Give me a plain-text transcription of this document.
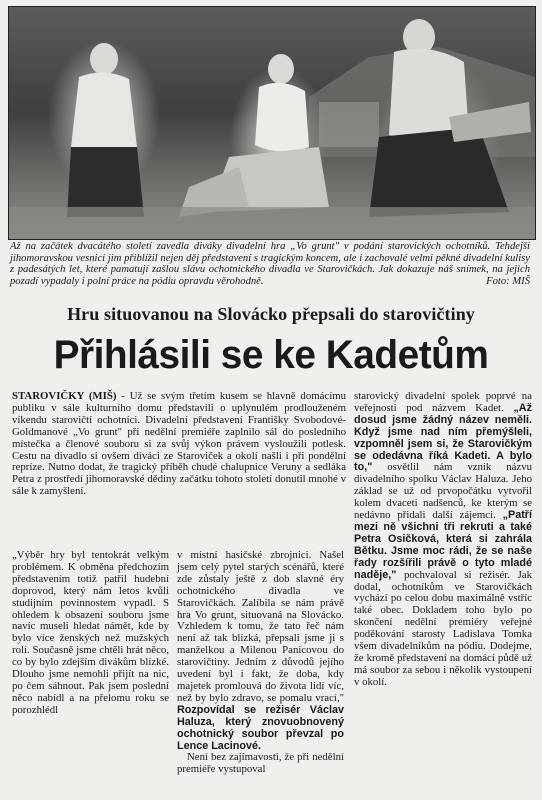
Až na začátek dvacátého století zavedla diváky divadelní hra „Vo grunt" v podání starovických ochotníků. Tehdejší jihomoravskou vesnici jim přiblížil nejen děj představení s tragickým koncem, ale i zachovalé velmi pěkné divadelní kulisy z padesátých let, které pamatují zašlou slávu ochotnického divadla ve Starovičkách. Jak dokazuje náš snímek, na jejich pozadí vypadaly i polní práce na pódiu opravdu věrohodně.	Foto: MIŠ
Hru situovanou na Slovácko přepsali do starovičtiny
Přihlásili se ke Kadetům

STAROVIČKY (MIŠ) - Už se svým třetím kusem se hlavně domácímu publiku v sále kulturního domu představili o uplynulém prodlouženém víkendu starovičtí ochotníci. Divadelní představení Františky Svobodové-Goldmanové „Vo grunt" při nedělní premiéře zaplnilo sál do posledního místečka a členové souboru si za svůj výkon právem vysloužili potlesk. Cestu na divadlo si ovšem diváci ze Staroviček a okolí našli i při pondělní repríze. Nutno dodat, že tragický příběh chudé chalupnice Veruny a sedláka Petra z prostředí jihomoravské dědiny začátku tohoto století donutil mnohé v sále k zamyšlení.

„Výběr hry byl tentokrát velkým problémem. K obměna předchozím představením totiž patřil hudební doprovod, který nám letos kvůli studijním povinnostem vypadl. S ohledem k obsazení souboru jsme navíc museli hledat námět, kde by bylo více ženských než mužských rolí. Současně jsme chtěli hrát něco, co by bylo zdejším divákům blízké. Dlouho jsme nemohli přijít na nic, po čem sáhnout. Pak jsem poslední něco nabídl a na přelomu roku se porozhlédl

v místní hasičské zbrojnici. Našel jsem celý pytel starých scénářů, které zde zůstaly ještě z dob slavné éry ochotnického divadla ve Starovičkách. Zalíbila se nám právě hra Vo grunt, situovaná na Slovácko. Vzhledem k tomu, že tato řeč nám není až tak blízká, přepsali jsme ji s manželkou a Milenou Panicovou do starovičtiny. Jedním z důvodů jejího uvedení byl i fakt, že doba, kdy majetek promlouvá do života lidí víc, než by bylo zdravo, se pomalu vrací," Rozpovídal se režisér Václav Haluza, který znovuobnovený ochotnický soubor převzal po Lence Lacinové.

Není bez zajímavosti, že při nedělní premiéře vystupoval

starovický divadelní spolek poprvé na veřejnosti pod názvem Kadet. „Až dosud jsme žádný název neměli. Když jsme nad ním přemýšleli, vzpomněl jsem si, že Starovičkým se odedávna říká Kadeti. A bylo to," osvětlil nám vznik názvu divadelního spolku Václav Haluza. Jeho základ se už od prvopočátku vytvořil kolem dvaceti nadšenců, ke kterým se nedávno přidali další zájemci. „Patří mezi ně všichni tři rekruti a také Petra Osičková, která si zahrála Bětku. Jsme moc rádi, že se naše řady rozšířili právě o tyto mladé naděje," pochvaloval si režisér. Jak dodal, ochotníkům ve Starovičkách vychází po celou dobu maximálně vstříc také obec. Dokladem toho bylo po skončení nedělní premiéry veřejné poděkování starosty Ladislava Tomka všem divadelníkům na pódiu. Dodejme, že kromě představení na domácí půdě už má soubor za sebou i několik vystoupení v okolí.
